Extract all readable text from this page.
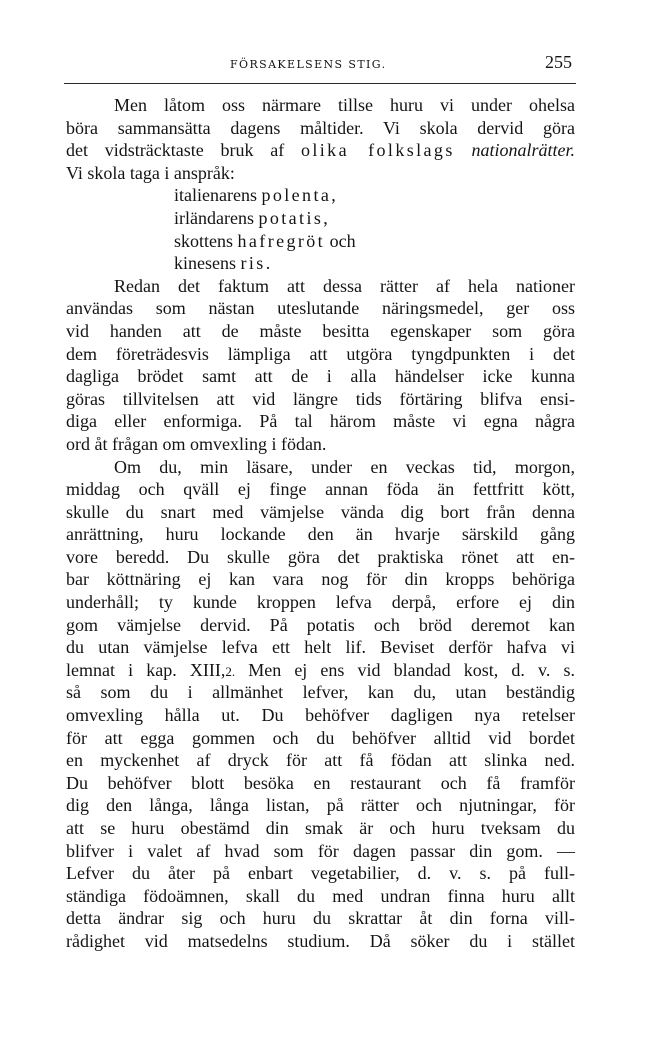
FÖRSAKELSENS STIG.	255
Men låtom oss närmare tillse huru vi under ohelsa
böra sammansätta dagens måltider. Vi skola dervid göra
det vidsträcktaste bruk af olika folkslags nationalrätter.
Vi skola taga i anspråk:
italienarens polenta,
irländarens potatis,
skottens hafregröt och
kinesens ris.
Redan det faktum att dessa rätter af hela nationer
användas som nästan uteslutande näringsmedel, ger oss
vid handen att de måste besitta egenskaper som göra
dem företrädesvis lämpliga att utgöra tyngdpunkten i det
dagliga brödet samt att de i alla händelser icke kunna
göras tillvitelsen att vid längre tids förtäring blifva ensi-
diga eller enformiga. På tal härom måste vi egna några
ord åt frågan om omvexling i födan.
Om du, min läsare, under en veckas tid, morgon,
middag och qväll ej finge annan föda än fettfritt kött,
skulle du snart med vämjelse vända dig bort från denna
anrättning, huru lockande den än hvarje särskild gång
vore beredd. Du skulle göra det praktiska rönet att en-
bar köttnäring ej kan vara nog för din kropps behöriga
underhåll; ty kunde kroppen lefva derpå, erfore ej din
gom vämjelse dervid. På potatis och bröd deremot kan
du utan vämjelse lefva ett helt lif. Beviset derför hafva vi
lemnat i kap. XIII,2. Men ej ens vid blandad kost, d. v. s.
så som du i allmänhet lefver, kan du, utan beständig
omvexling hålla ut. Du behöfver dagligen nya retelser
för att egga gommen och du behöfver alltid vid bordet
en myckenhet af dryck för att få födan att slinka ned.
Du behöfver blott besöka en restaurant och få framför
dig den långa, långa listan, på rätter och njutningar, för
att se huru obestämd din smak är och huru tveksam du
blifver i valet af hvad som för dagen passar din gom. —
Lefver du åter på enbart vegetabilier, d. v. s. på full-
ständiga födoämnen, skall du med undran finna huru allt
detta ändrar sig och huru du skrattar åt din forna vill-
rådighet vid matsedelns studium. Då söker du i stället
